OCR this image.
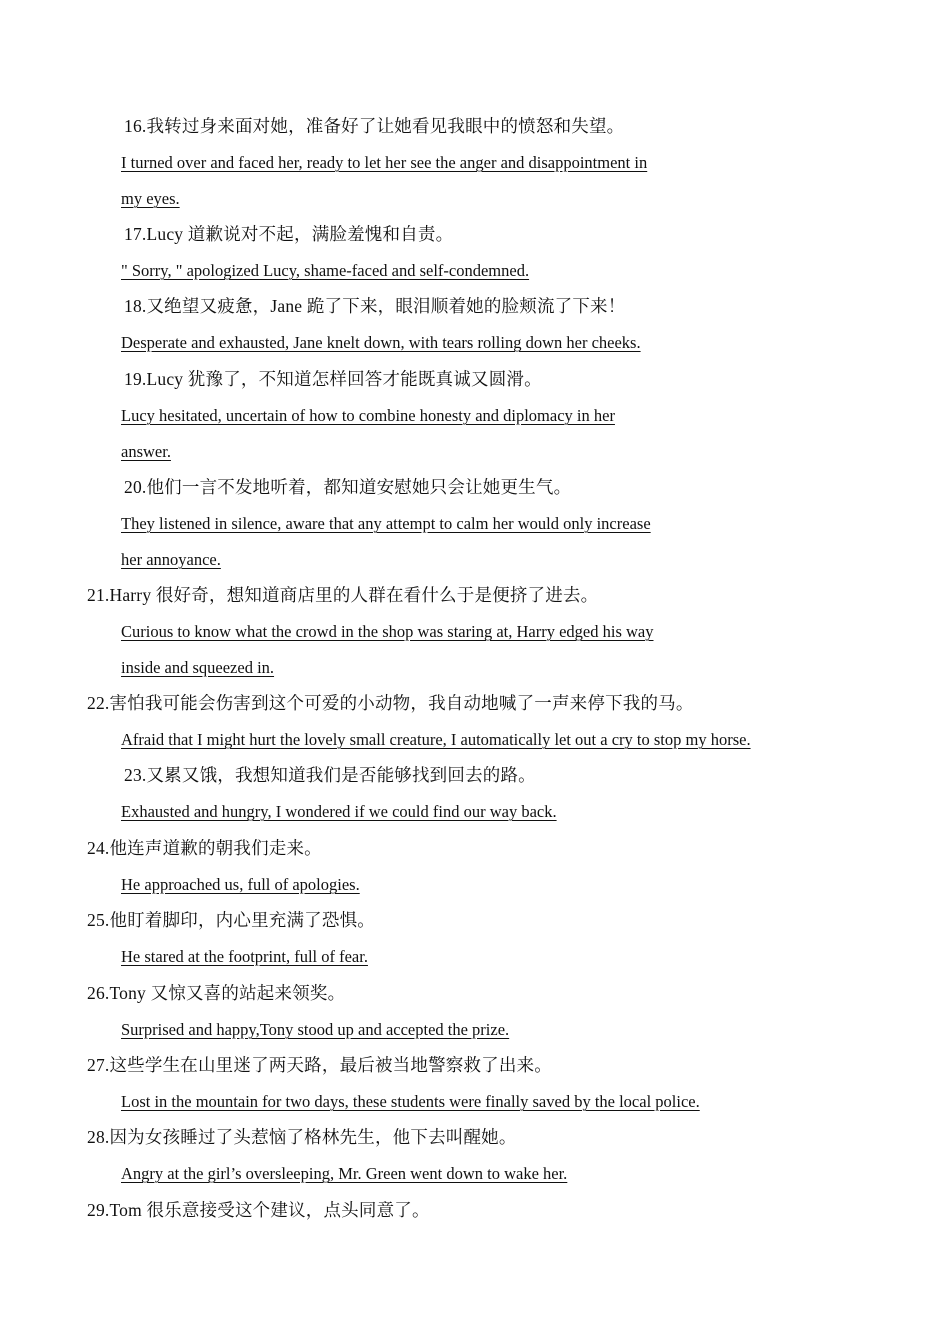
16.我转过身来面对她，准备好了让她看见我眼中的愤怒和失望。
I turned over and faced her, ready to let her see the anger and disappointment in
my eyes.
17.Lucy 道歉说对不起，满脸羞愧和自责。
" Sorry, " apologized Lucy, shame-faced and self-condemned.
18.又绝望又疲惫，Jane 跪了下来，眼泪顺着她的脸颊流了下来！
Desperate and exhausted, Jane knelt down, with tears rolling down her cheeks.
19.Lucy 犹豫了，不知道怎样回答才能既真诚又圆滑。
Lucy hesitated, uncertain of how to combine honesty and diplomacy in her
answer.
20.他们一言不发地听着，都知道安慰她只会让她更生气。
They listened in silence, aware that any attempt to calm her would only increase
her annoyance.
21.Harry 很好奇，想知道商店里的人群在看什么于是便挤了进去。
Curious to know what the crowd in the shop was staring at, Harry edged his way
inside and squeezed in.
22.害怕我可能会伤害到这个可爱的小动物，我自动地喊了一声来停下我的马。
Afraid that I might hurt the lovely small creature, I automatically let out a cry to stop my horse.
23.又累又饿，我想知道我们是否能够找到回去的路。
Exhausted and hungry, I wondered if we could find our way back.
24.他连声道歉的朝我们走来。
He approached us, full of apologies.
25.他盯着脚印，内心里充满了恐惧。
He stared at the footprint, full of fear.
26.Tony 又惊又喜的站起来领奖。
Surprised and happy,Tony stood up and accepted the prize.
27.这些学生在山里迷了两天路，最后被当地警察救了出来。
Lost in the mountain for two days, these students were finally saved by the local police.
28.因为女孩睡过了头惹恼了格林先生，他下去叫醒她。
Angry at the girl’s oversleeping, Mr. Green went down to wake her.
29.Tom 很乐意接受这个建议，点头同意了。
